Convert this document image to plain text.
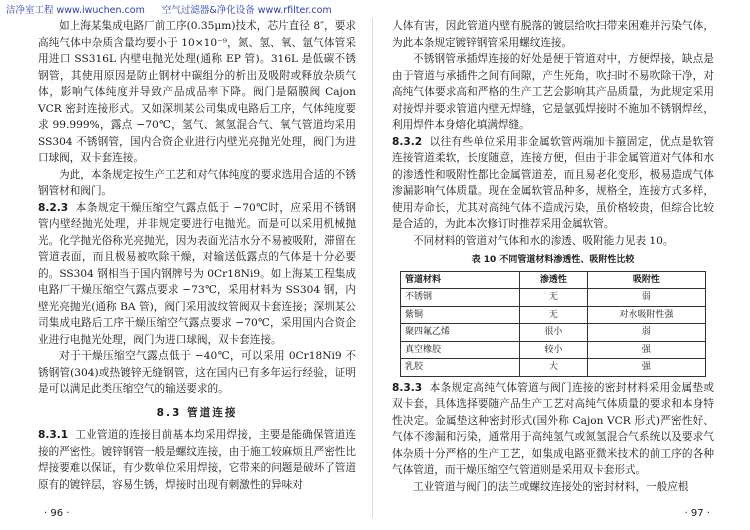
洁净室工程 www.iwuchen.com 空气过滤器&净化设备 www.rfilter.com

如上海某集成电路厂前工序(0.35μm)技术，芯片直径 8″，要求高纯气体中杂质含量均要小于 10×10⁻⁹，氮、氢、氧、氩气体管采用进口 SS316L 内壁电抛光处理(通称 EP 管)。316L 是低碳不锈钢管，其使用原因是防止钢材中碳组分的析出及吸附或释放杂质气体，影响气体纯度并导致产品成品率下降。阀门是隔膜阀 Cajon VCR 密封连接形式。又如深圳某公司集成电路后工序，气体纯度要求 99.999%，露点 −70℃，氢气、氮氢混合气、氧气管道均采用 SS304 不锈钢管，国内合资企业进行内壁光亮抛光处理，阀门为进口球阀，双卡套连接。

为此，本条规定按生产工艺和对气体纯度的要求选用合适的不锈钢管材和阀门。

8.2.3 本条规定干燥压缩空气露点低于 −70℃时，应采用不锈钢管内壁经抛光处理，并非规定要进行电抛光。而是可以采用机械抛光。化学抛光俗称光亮抛光，因为表面光洁水分不易被吸附，滞留在管道表面，而且极易被吹除干燥，对输送低露点的气体是十分必要的。SS304 钢相当于国内钢牌号为 0Cr18Ni9。如上海某工程集成电路厂干燥压缩空气露点要求 −73℃，采用材料为 SS304 钢，内壁光亮抛光(通称 BA 管)，阀门采用波纹管阀双卡套连接；深圳某公司集成电路后工序干燥压缩空气露点要求 −70℃，采用国内合资企业进行电抛光处理，阀门为进口球阀，双卡套连接。

对于干燥压缩空气露点低于 −40℃，可以采用 0Cr18Ni9 不锈钢管(304)或热镀锌无缝钢管，这在国内已有多年运行经验，证明是可以满足此类压缩空气的输送要求的。

8.3 管道连接

8.3.1 工业管道的连接目前基本均采用焊接，主要是能确保管道连接的严密性。镀锌钢管一般是螺纹连接，由于施工较麻烦且严密性比焊接要难以保证，有少数单位采用焊接，它带来的问题是破坏了管道原有的镀锌层，容易生锈，焊接时出现有刺激性的异味对

· 96 ·

人体有害，因此管道内壁有脱落的镀层给吹扫带来困难并污染气体，为此本条规定镀锌钢管采用螺纹连接。

不锈钢管承插焊连接的好处是便于管道对中，方便焊接，缺点是由于管道与承插件之间有间隙，产生死角，吹扫时不易吹除干净，对高纯气体要求高和严格的生产工艺会影响其产品质量，为此规定采用对接焊并要求管道内壁无焊缝，它是氩弧焊接时不施加不锈钢焊丝，利用焊件本身熔化填满焊缝。

8.3.2 以往有些单位采用非金属软管两端加卡箍固定，优点是软管连接管道柔软，长度随意，连接方便，但由于非金属管道对气体和水的渗透性和吸附性都比金属管道差，而且易老化变形，极易造成气体渗漏影响气体质量。现在金属软管品种多，规格全，连接方式多样，使用寿命长，尤其对高纯气体不造成污染，虽价格较贵，但综合比较是合适的，为此本次修订时推荐采用金属软管。

不同材料的管道对气体和水的渗透、吸附能力见表 10。

表 10 不同管道材料渗透性、吸附性比较
管道材料	渗透性	吸附性
不锈钢	无	弱
紫铜	无	对水吸附性强
聚四氟乙烯	很小	弱
真空橡胶	较小	强
乳胶	大	强

8.3.3 本条规定高纯气体管道与阀门连接的密封材料采用金属垫或双卡套，具体选择要随产品生产工艺对高纯气体质量的要求和本身特性决定。金属垫这种密封形式(国外称 Cajon VCR 形式)严密性好、气体不渗漏和污染，通常用于高纯氢气或氮氢混合气系统以及要求气体杂质十分严格的生产工艺，如集成电路亚微米技术的前工序的各种气体管道，而干燥压缩空气管道则是采用双卡套形式。

工业管道与阀门的法兰或螺纹连接处的密封材料，一般应根

· 97 ·
